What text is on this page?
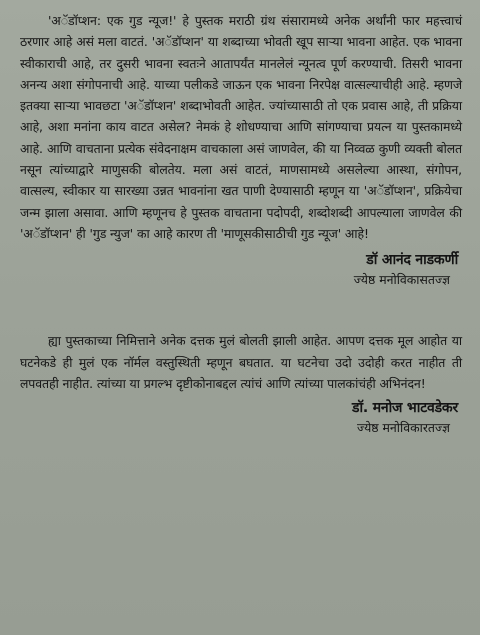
'अॅडॉप्शन: एक गुड न्यूज!' हे पुस्तक मराठी ग्रंथ संसारामध्ये अनेक अर्थांनी फार महत्त्वाचं ठरणार आहे असं मला वाटतं. 'अॅडॉप्शन' या शब्दाच्या भोवती खूप साऱ्या भावना आहेत. एक भावना स्वीकाराची आहे, तर दुसरी भावना स्वतःने आतापर्यंत मानलेलं न्यूनत्व पूर्ण करण्याची. तिसरी भावना अनन्य अशा संगोपनाची आहे. याच्या पलीकडे जाऊन एक भावना निरपेक्ष वात्सल्याचीही आहे. म्हणजे इतक्या साऱ्या भावछटा 'अॅडॉप्शन' शब्दाभोवती आहेत. ज्यांच्यासाठी तो एक प्रवास आहे, ती प्रक्रिया आहे, अशा मनांना काय वाटत असेल? नेमकं हे शोधण्याचा आणि सांगण्याचा प्रयत्न या पुस्तकामध्ये आहे. आणि वाचताना प्रत्येक संवेदनाक्षम वाचकाला असं जाणवेल, की या निव्वळ कुणी व्यक्ती बोलत नसून त्यांच्याद्वारे माणुसकी बोलतेय. मला असं वाटतं, माणसामध्ये असलेल्या आस्था, संगोपन, वात्सल्य, स्वीकार या सारख्या उन्नत भावनांना खत पाणी देण्यासाठी म्हणून या 'अॅडॉप्शन', प्रक्रियेचा जन्म झाला असावा. आणि म्हणूनच हे पुस्तक वाचताना पदोपदी, शब्दोशब्दी आपल्याला जाणवेल की 'अॅडॉप्शन' ही 'गुड न्युज' का आहे कारण ती 'माणूसकीसाठीची गुड न्यूज' आहे!

डॉ आनंद नाडकर्णी
ज्येष्ठ मनोविकासतज्ज्ञ

ह्या पुस्तकाच्या निमित्ताने अनेक दत्तक मुलं बोलती झाली आहेत. आपण दत्तक मूल आहोत या घटनेकडे ही मुलं एक नॉर्मल वस्तुस्थिती म्हणून बघतात. या घटनेचा उदो उदोही करत नाहीत ती लपवतही नाहीत. त्यांच्या या प्रगल्भ दृष्टीकोनाबद्दल त्यांचं आणि त्यांच्या पालकांचंही अभिनंदन!

डॉ. मनोज भाटवडेकर
ज्येष्ठ मनोविकारतज्ज्ञ
